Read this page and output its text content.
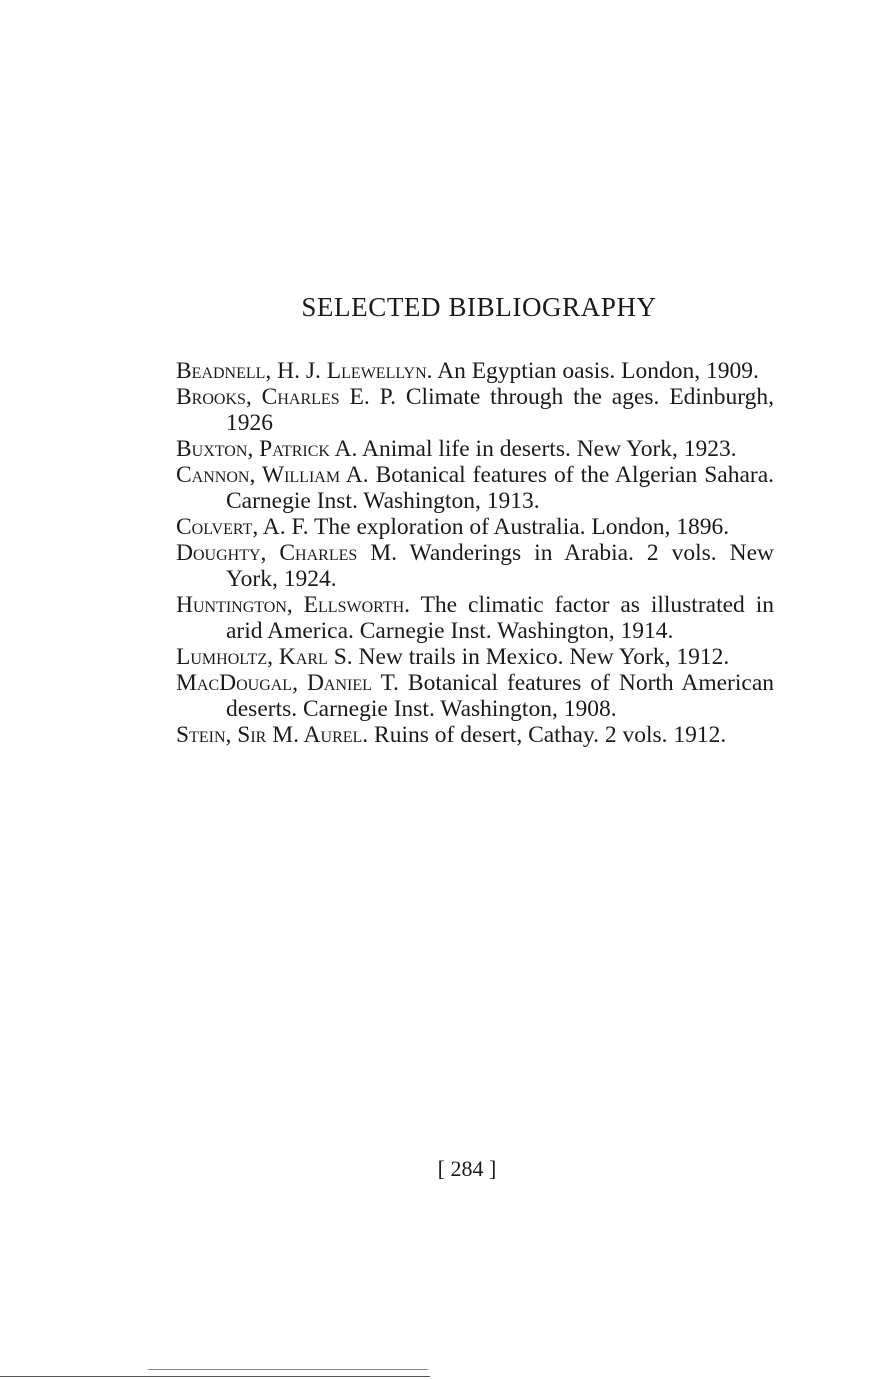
SELECTED BIBLIOGRAPHY
Beadnell, H. J. Llewellyn. An Egyptian oasis. London, 1909.
Brooks, Charles E. P. Climate through the ages. Edinburgh, 1926
Buxton, Patrick A. Animal life in deserts. New York, 1923.
Cannon, William A. Botanical features of the Algerian Sahara. Carnegie Inst. Washington, 1913.
Colvert, A. F. The exploration of Australia. London, 1896.
Doughty, Charles M. Wanderings in Arabia. 2 vols. New York, 1924.
Huntington, Ellsworth. The climatic factor as illustrated in arid America. Carnegie Inst. Washington, 1914.
Lumholtz, Karl S. New trails in Mexico. New York, 1912.
MacDougal, Daniel T. Botanical features of North American deserts. Carnegie Inst. Washington, 1908.
Stein, Sir M. Aurel. Ruins of desert, Cathay. 2 vols. 1912.

[ 284 ]
